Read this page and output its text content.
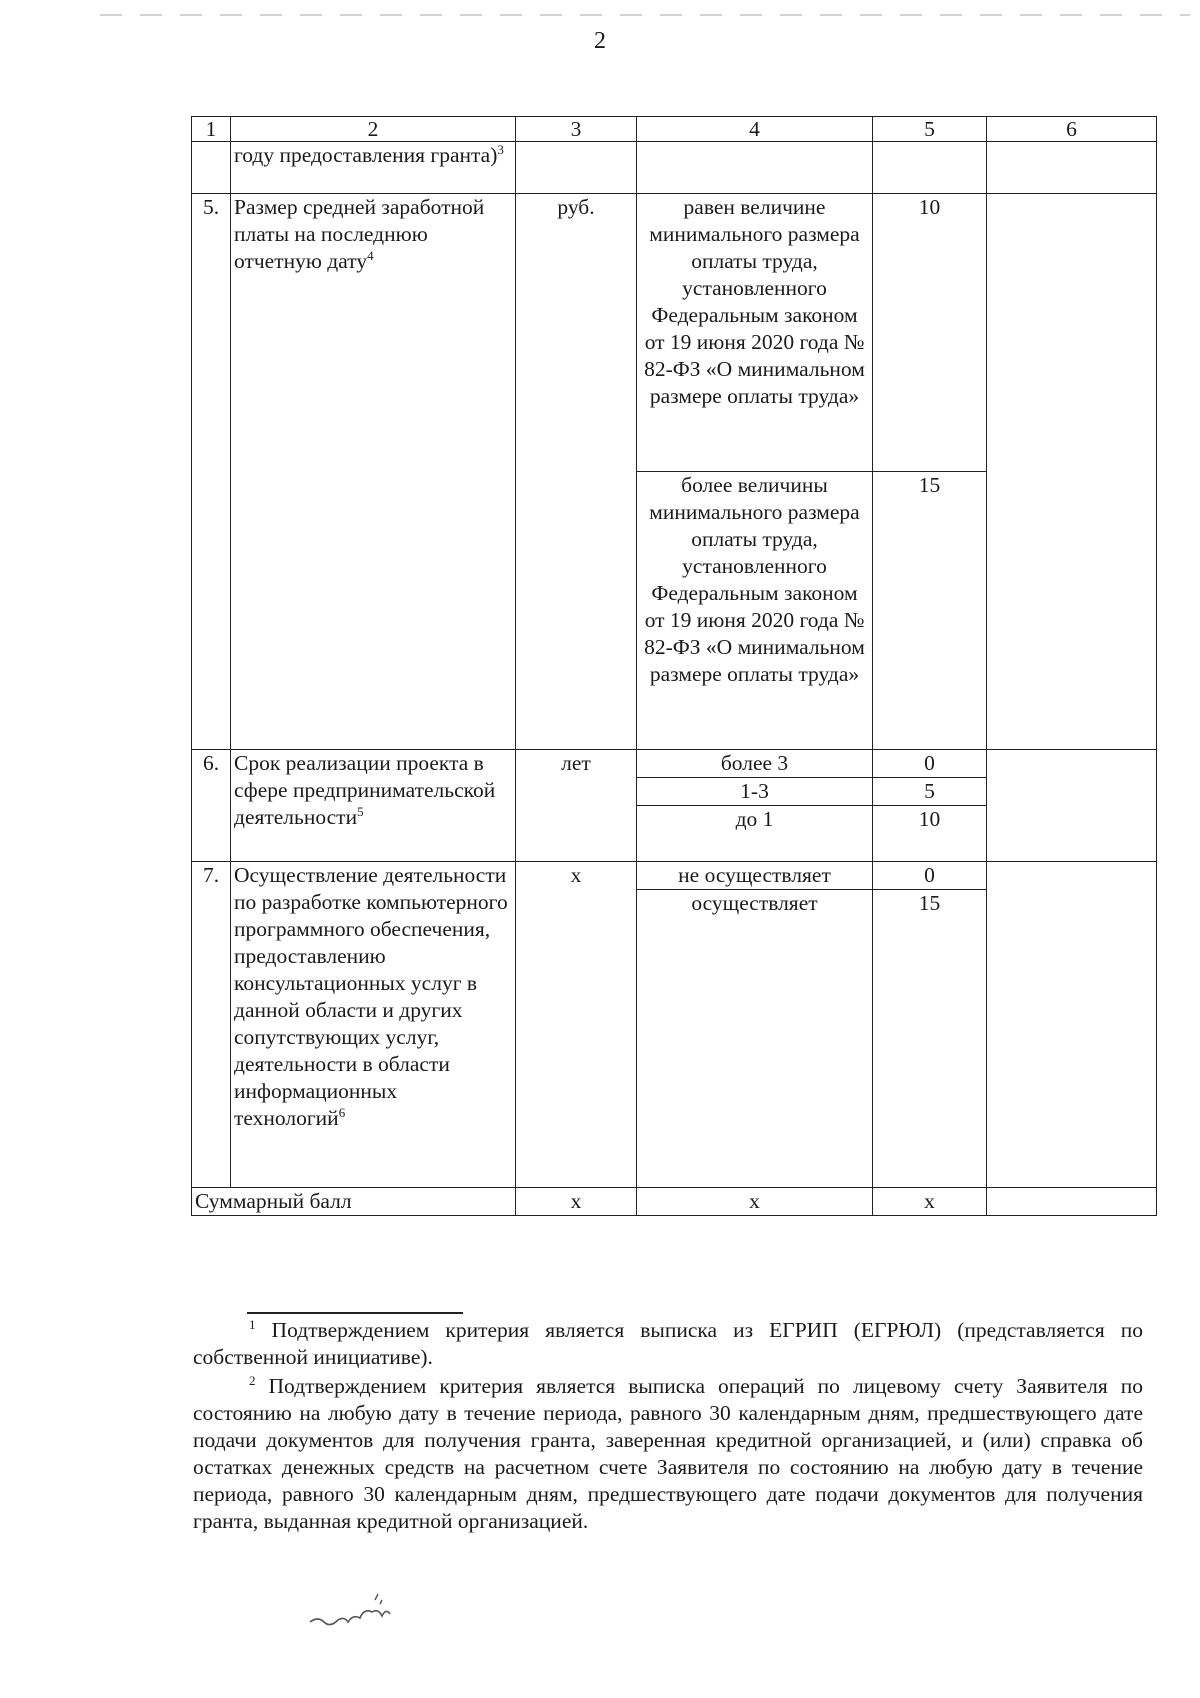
2
1	2	3	4	5	6
	году предоставления гранта)$^3$				
5.	Размер средней заработной платы на последнюю отчетную дату$^4$	руб.	равен величине минимального размера оплаты труда, установленного Федеральным законом от 19 июня 2020 года № 82-ФЗ «О минимальном размере оплаты труда»	10	
			более величины минимального размера оплаты труда, установленного Федеральным законом от 19 июня 2020 года № 82-ФЗ «О минимальном размере оплаты труда»	15	
6.	Срок реализации проекта в сфере предпринимательской деятельности$^5$	лет	более 3	0	
			1-3	5	
			до 1	10	
7.	Осуществление деятельности по разработке компьютерного программного обеспечения, предоставлению консультационных услуг в данной области и других сопутствующих услуг, деятельности в области информационных технологий$^6$	х	не осуществляет	0	
			осуществляет	15	
Суммарный балл		х	х	х	

$^1$ Подтверждением критерия является выписка из ЕГРИП (ЕГРЮЛ) (представляется по собственной инициативе).

$^2$ Подтверждением критерия является выписка операций по лицевому счету Заявителя по состоянию на любую дату в течение периода, равного 30 календарным дням, предшествующего дате подачи документов для получения гранта, заверенная кредитной организацией, и (или) справка об остатках денежных средств на расчетном счете Заявителя по состоянию на любую дату в течение периода, равного 30 календарным дням, предшествующего дате подачи документов для получения гранта, выданная кредитной организацией.
